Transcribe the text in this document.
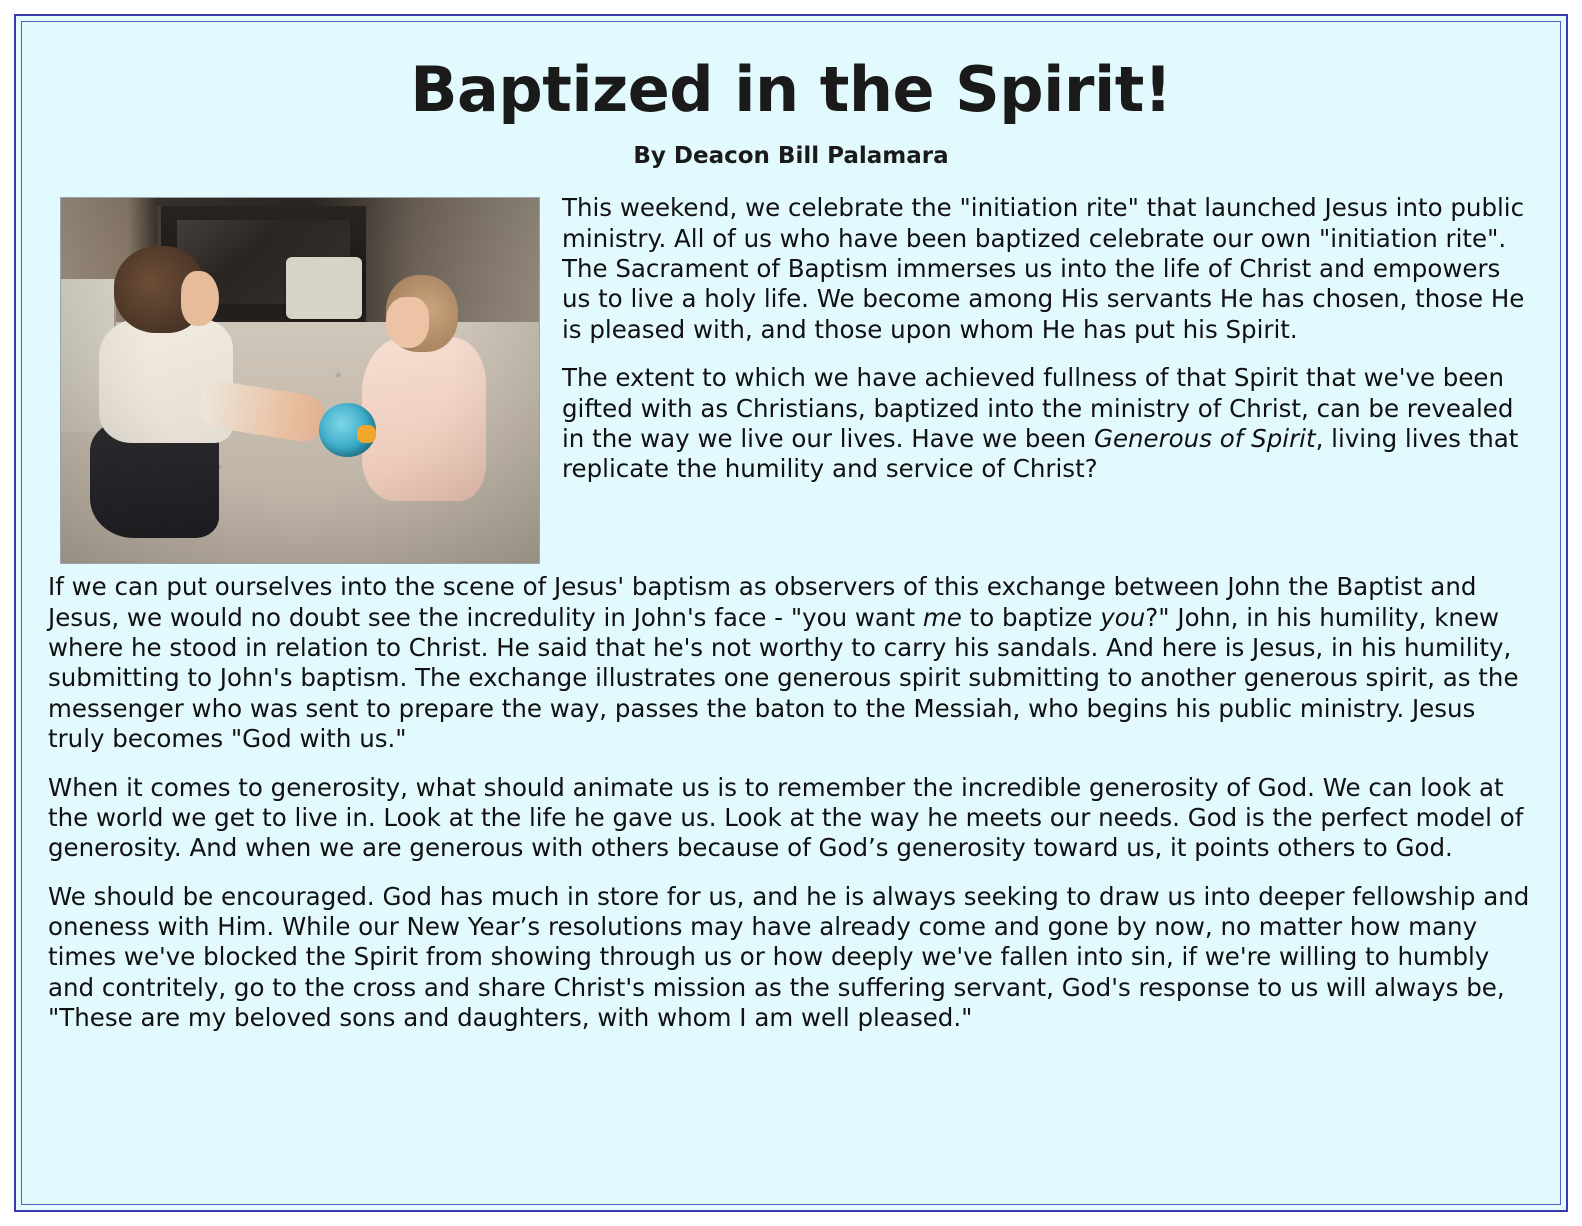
Baptized in the Spirit!
By Deacon Bill Palamara

This weekend, we celebrate the "initiation rite" that launched Jesus into public ministry. All of us who have been baptized celebrate our own "initiation rite". The Sacrament of Baptism immerses us into the life of Christ and empowers us to live a holy life. We become among His servants He has chosen, those He is pleased with, and those upon whom He has put his Spirit.

The extent to which we have achieved fullness of that Spirit that we've been gifted with as Christians, baptized into the ministry of Christ, can be revealed in the way we live our lives. Have we been Generous of Spirit, living lives that replicate the humility and service of Christ?

If we can put ourselves into the scene of Jesus' baptism as observers of this exchange between John the Baptist and Jesus, we would no doubt see the incredulity in John's face - "you want me to baptize you?" John, in his humility, knew where he stood in relation to Christ. He said that he's not worthy to carry his sandals. And here is Jesus, in his humility, submitting to John's baptism. The exchange illustrates one generous spirit submitting to another generous spirit, as the messenger who was sent to prepare the way, passes the baton to the Messiah, who begins his public ministry. Jesus truly becomes "God with us."

When it comes to generosity, what should animate us is to remember the incredible generosity of God. We can look at the world we get to live in. Look at the life he gave us. Look at the way he meets our needs. God is the perfect model of generosity. And when we are generous with others because of God’s generosity toward us, it points others to God.

We should be encouraged. God has much in store for us, and he is always seeking to draw us into deeper fellowship and oneness with Him. While our New Year’s resolutions may have already come and gone by now, no matter how many times we've blocked the Spirit from showing through us or how deeply we've fallen into sin, if we're willing to humbly and contritely, go to the cross and share Christ's mission as the suffering servant, God's response to us will always be, "These are my beloved sons and daughters, with whom I am well pleased."
